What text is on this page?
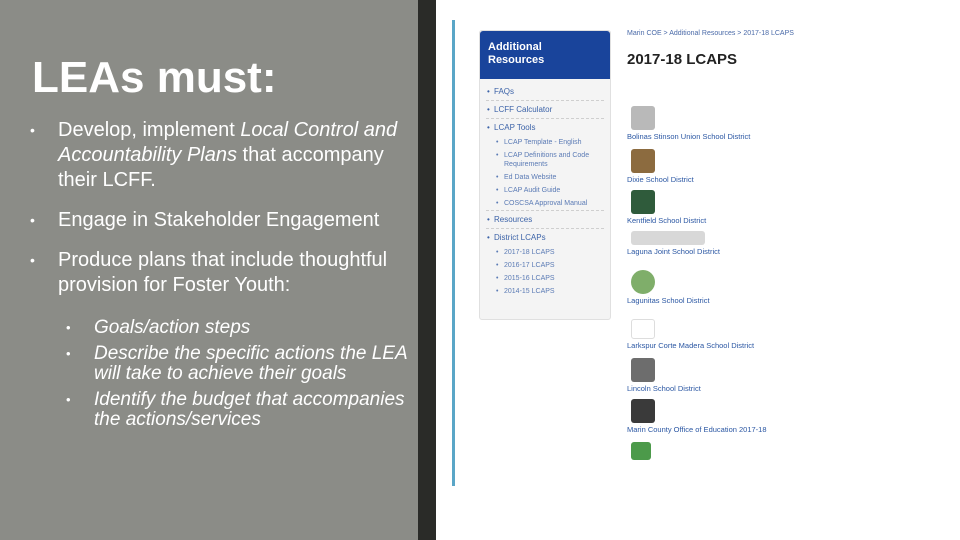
LEAs must:
• Develop, implement Local Control and Accountability Plans that accompany their LCFF.
• Engage in Stakeholder Engagement
• Produce plans that include thoughtful provision for Foster Youth:
• Goals/action steps
• Describe the specific actions the LEA will take to achieve their goals
• Identify the budget that accompanies the actions/services
Additional
Resources
• FAQs
• LCFF Calculator
• LCAP Tools
• LCAP Template - English
• LCAP Definitions and Code Requirements
• Ed Data Website
• LCAP Audit Guide
• COSCSA Approval Manual
• Resources
• District LCAPs
• 2017-18 LCAPS
• 2016-17 LCAPS
• 2015-16 LCAPS
• 2014-15 LCAPS
Marin COE > Additional Resources > 2017-18 LCAPS
2017-18 LCAPS
Bolinas Stinson Union School District
Dixie School District
Kentfield School District
Laguna Joint School District
Lagunitas School District
Larkspur Corte Madera School District
Lincoln School District
Marin County Office of Education 2017-18
